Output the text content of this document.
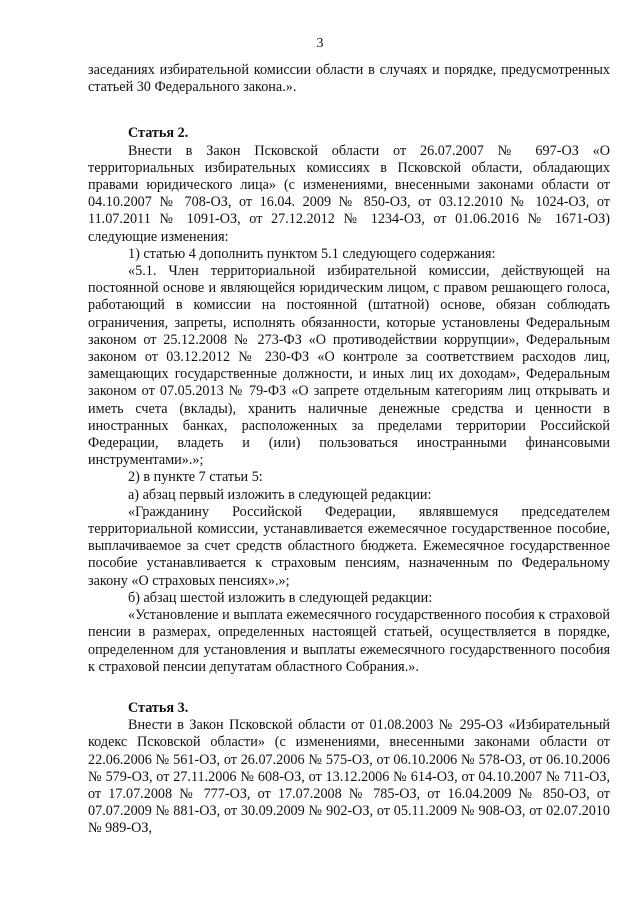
3

заседаниях избирательной комиссии области в случаях и порядке, предусмотренных статьей 30 Федерального закона.».

Статья 2.

Внести в Закон Псковской области от 26.07.2007 № 697-ОЗ «О территориальных избирательных комиссиях в Псковской области, обладающих правами юридического лица» (с изменениями, внесенными законами области от 04.10.2007 № 708-ОЗ, от 16.04. 2009 № 850-ОЗ, от 03.12.2010 № 1024-ОЗ, от 11.07.2011 № 1091-ОЗ, от 27.12.2012 № 1234-ОЗ, от 01.06.2016 № 1671-ОЗ) следующие изменения:

1) статью 4 дополнить пунктом 5.1 следующего содержания:

«5.1. Член территориальной избирательной комиссии, действующей на постоянной основе и являющейся юридическим лицом, с правом решающего голоса, работающий в комиссии на постоянной (штатной) основе, обязан соблюдать ограничения, запреты, исполнять обязанности, которые установлены Федеральным законом от 25.12.2008 № 273-ФЗ «О противодействии коррупции», Федеральным законом от 03.12.2012 № 230-ФЗ «О контроле за соответствием расходов лиц, замещающих государственные должности, и иных лиц их доходам», Федеральным законом от 07.05.2013 № 79-ФЗ «О запрете отдельным категориям лиц открывать и иметь счета (вклады), хранить наличные денежные средства и ценности в иностранных банках, расположенных за пределами территории Российской Федерации, владеть и (или) пользоваться иностранными финансовыми инструментами».»;

2) в пункте 7 статьи 5:

а) абзац первый изложить в следующей редакции:

«Гражданину Российской Федерации, являвшемуся председателем территориальной комиссии, устанавливается ежемесячное государственное пособие, выплачиваемое за счет средств областного бюджета. Ежемесячное государственное пособие устанавливается к страховым пенсиям, назначенным по Федеральному закону «О страховых пенсиях».»;

б) абзац шестой изложить в следующей редакции:

«Установление и выплата ежемесячного государственного пособия к страховой пенсии в размерах, определенных настоящей статьей, осуществляется в порядке, определенном для установления и выплаты ежемесячного государственного пособия к страховой пенсии депутатам областного Собрания.».

Статья 3.

Внести в Закон Псковской области от 01.08.2003 № 295-ОЗ «Избирательный кодекс Псковской области» (с изменениями, внесенными законами области от 22.06.2006 № 561-ОЗ, от 26.07.2006 № 575-ОЗ, от 06.10.2006 № 578-ОЗ, от 06.10.2006 № 579-ОЗ, от 27.11.2006 № 608-ОЗ, от 13.12.2006 № 614-ОЗ, от 04.10.2007 № 711-ОЗ, от 17.07.2008 № 777-ОЗ, от 17.07.2008 № 785-ОЗ, от 16.04.2009 № 850-ОЗ, от 07.07.2009 № 881-ОЗ, от 30.09.2009 № 902-ОЗ, от 05.11.2009 № 908-ОЗ, от 02.07.2010 № 989-ОЗ,
